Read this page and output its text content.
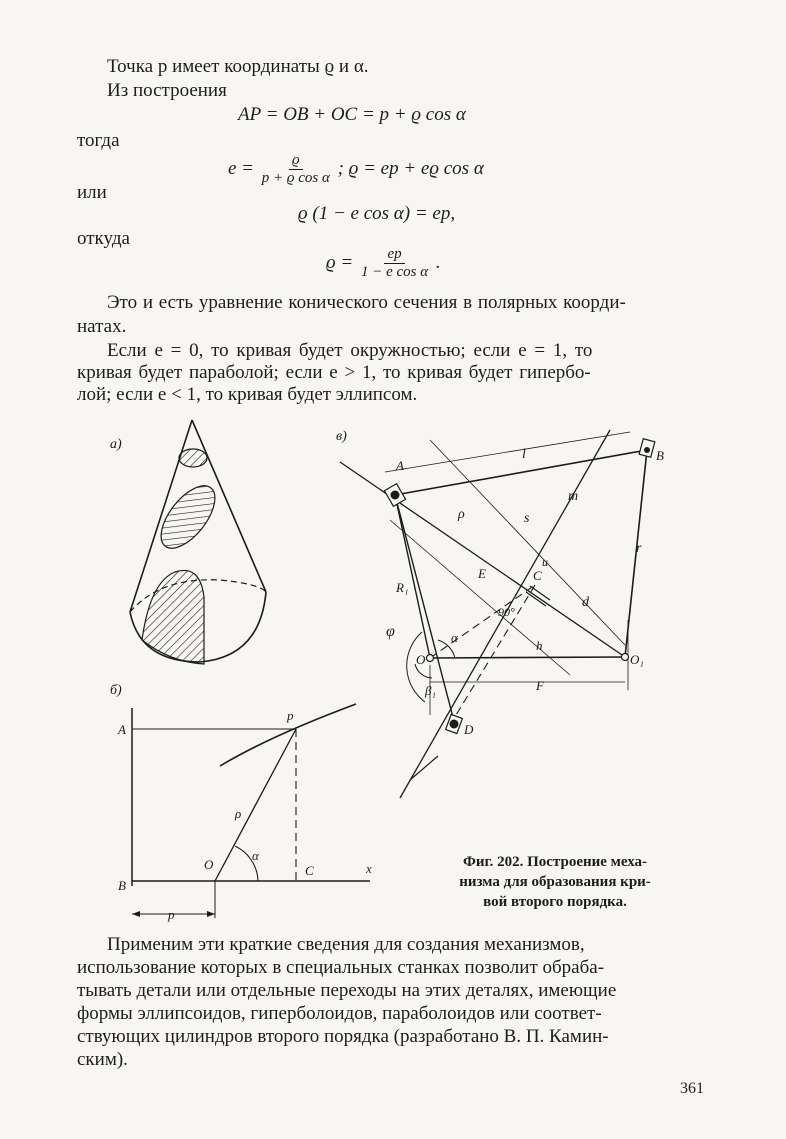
Точка p имеет координаты ϱ и α.
Из построения
AP = OB + OC = p + ϱ cos α
тогда
$e = \frac{ϱ}{\text{p + ϱ cos α}}$ ; ϱ = ep + eϱ cos α
или
ϱ (1 − e cos α) = ep,
откуда
$ϱ = \frac{ep}{\text{1 − e cos α}}$ .
Это и есть уравнение конического сечения в полярных коорди-
натах.
Если e = 0, то кривая будет окружностью; если e = 1, то
кривая будет параболой; если e > 1, то кривая будет гипербо-
лой; если e < 1, то кривая будет эллипсом.
а)
б)
A
B
p
O	C	x
ρ
α
p
в)
A
B
D
O	O₁
E	C
l
m
s
ρ
d
h
r
R₁
F
φ	α
β₁
u
90°
Фиг. 202. Построение меха-
низма для образования кри-
вой второго порядка.
Применим эти краткие сведения для создания механизмов,
использование которых в специальных станках позволит обраба-
тывать детали или отдельные переходы на этих деталях, имеющие
формы эллипсоидов, гиперболоидов, параболоидов или соответ-
ствующих цилиндров второго порядка (разработано В. П. Камин-
ским).
361
